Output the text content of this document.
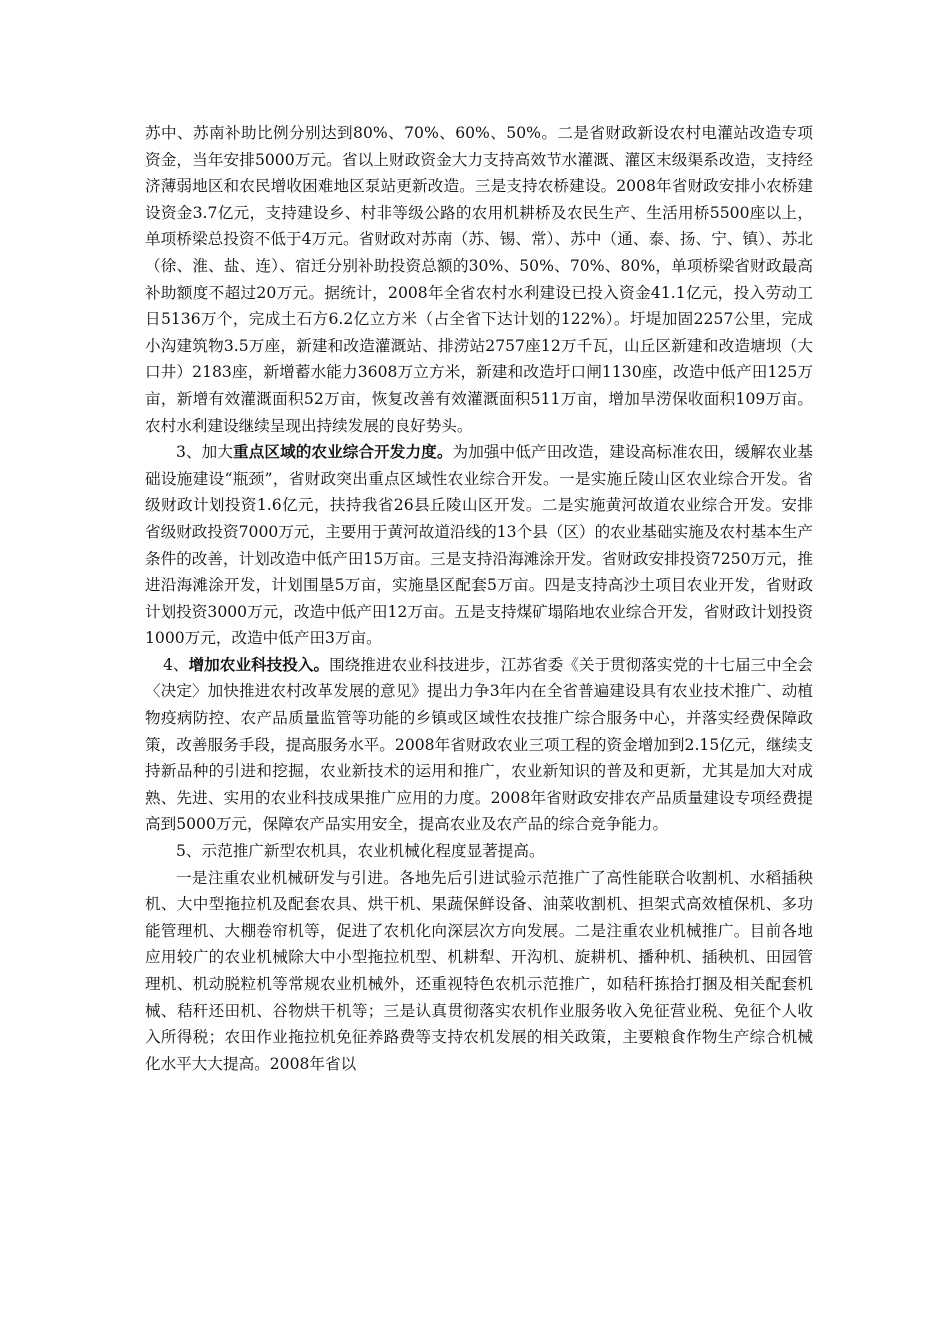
苏中、苏南补助比例分别达到80%、70%、60%、50%。二是省财政新设农村电灌站改造专项资金，当年安排5000万元。省以上财政资金大力支持高效节水灌溉、灌区末级渠系改造，支持经济薄弱地区和农民增收困难地区泵站更新改造。三是支持农桥建设。2008年省财政安排小农桥建设资金3.7亿元，支持建设乡、村非等级公路的农用机耕桥及农民生产、生活用桥5500座以上，单项桥梁总投资不低于4万元。省财政对苏南（苏、锡、常）、苏中（通、泰、扬、宁、镇）、苏北（徐、淮、盐、连）、宿迁分别补助投资总额的30%、50%、70%、80%，单项桥梁省财政最高补助额度不超过20万元。据统计，2008年全省农村水利建设已投入资金41.1亿元，投入劳动工日5136万个，完成土石方6.2亿立方米（占全省下达计划的122%）。圩堤加固2257公里，完成小沟建筑物3.5万座，新建和改造灌溉站、排涝站2757座12万千瓦，山丘区新建和改造塘坝（大口井）2183座，新增蓄水能力3608万立方米，新建和改造圩口闸1130座，改造中低产田125万亩，新增有效灌溉面积52万亩，恢复改善有效灌溉面积511万亩，增加旱涝保收面积109万亩。农村水利建设继续呈现出持续发展的良好势头。

3、加大重点区域的农业综合开发力度。为加强中低产田改造，建设高标准农田，缓解农业基础设施建设“瓶颈”，省财政突出重点区域性农业综合开发。一是实施丘陵山区农业综合开发。省级财政计划投资1.6亿元，扶持我省26县丘陵山区开发。二是实施黄河故道农业综合开发。安排省级财政投资7000万元，主要用于黄河故道沿线的13个县（区）的农业基础实施及农村基本生产条件的改善，计划改造中低产田15万亩。三是支持沿海滩涂开发。省财政安排投资7250万元，推进沿海滩涂开发，计划围垦5万亩，实施垦区配套5万亩。四是支持高沙土项目农业开发，省财政计划投资3000万元，改造中低产田12万亩。五是支持煤矿塌陷地农业综合开发，省财政计划投资1000万元，改造中低产田3万亩。

4、增加农业科技投入。围绕推进农业科技进步，江苏省委《关于贯彻落实党的十七届三中全会〈决定〉加快推进农村改革发展的意见》提出力争3年内在全省普遍建设具有农业技术推广、动植物疫病防控、农产品质量监管等功能的乡镇或区域性农技推广综合服务中心，并落实经费保障政策，改善服务手段，提高服务水平。2008年省财政农业三项工程的资金增加到2.15亿元，继续支持新品种的引进和挖掘，农业新技术的运用和推广，农业新知识的普及和更新，尤其是加大对成熟、先进、实用的农业科技成果推广应用的力度。2008年省财政安排农产品质量建设专项经费提高到5000万元，保障农产品实用安全，提高农业及农产品的综合竞争能力。

5、示范推广新型农机具，农业机械化程度显著提高。

一是注重农业机械研发与引进。各地先后引进试验示范推广了高性能联合收割机、水稻插秧机、大中型拖拉机及配套农具、烘干机、果蔬保鲜设备、油菜收割机、担架式高效植保机、多功能管理机、大棚卷帘机等，促进了农机化向深层次方向发展。二是注重农业机械推广。目前各地应用较广的农业机械除大中小型拖拉机型、机耕犁、开沟机、旋耕机、播种机、插秧机、田园管理机、机动脱粒机等常规农业机械外，还重视特色农机示范推广，如秸秆拣拾打捆及相关配套机械、秸秆还田机、谷物烘干机等；三是认真贯彻落实农机作业服务收入免征营业税、免征个人收入所得税；农田作业拖拉机免征养路费等支持农机发展的相关政策，主要粮食作物生产综合机械化水平大大提高。2008年省以
